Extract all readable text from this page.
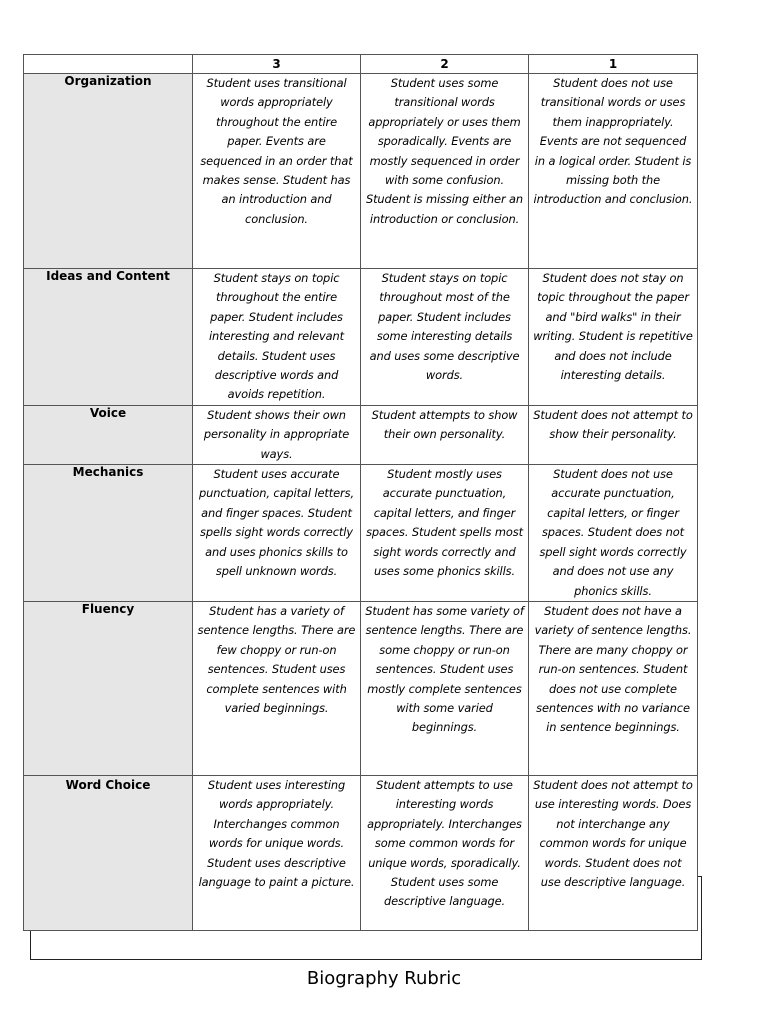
	3	2	1
Organization	Student uses transitional words appropriately throughout the entire paper. Events are sequenced in an order that makes sense. Student has an introduction and conclusion.	Student uses some transitional words appropriately or uses them sporadically. Events are mostly sequenced in order with some confusion. Student is missing either an introduction or conclusion.	Student does not use transitional words or uses them inappropriately. Events are not sequenced in a logical order. Student is missing both the introduction and conclusion.
Ideas and Content	Student stays on topic throughout the entire paper. Student includes interesting and relevant details. Student uses descriptive words and avoids repetition.	Student stays on topic throughout most of the paper. Student includes some interesting details and uses some descriptive words.	Student does not stay on topic throughout the paper and "bird walks" in their writing. Student is repetitive and does not include interesting details.
Voice	Student shows their own personality in appropriate ways.	Student attempts to show their own personality.	Student does not attempt to show their personality.
Mechanics	Student uses accurate punctuation, capital letters, and finger spaces. Student spells sight words correctly and uses phonics skills to spell unknown words.	Student mostly uses accurate punctuation, capital letters, and finger spaces. Student spells most sight words correctly and uses some phonics skills.	Student does not use accurate punctuation, capital letters, or finger spaces. Student does not spell sight words correctly and does not use any phonics skills.
Fluency	Student has a variety of sentence lengths. There are few choppy or run-on sentences. Student uses complete sentences with varied beginnings.	Student has some variety of sentence lengths. There are some choppy or run-on sentences. Student uses mostly complete sentences with some varied beginnings.	Student does not have a variety of sentence lengths. There are many choppy or run-on sentences. Student does not use complete sentences with no variance in sentence beginnings.
Word Choice	Student uses interesting words appropriately. Interchanges common words for unique words. Student uses descriptive language to paint a picture.	Student attempts to use interesting words appropriately. Interchanges some common words for unique words, sporadically. Student uses some descriptive language.	Student does not attempt to use interesting words. Does not interchange any common words for unique words. Student does not use descriptive language.
Biography Rubric
